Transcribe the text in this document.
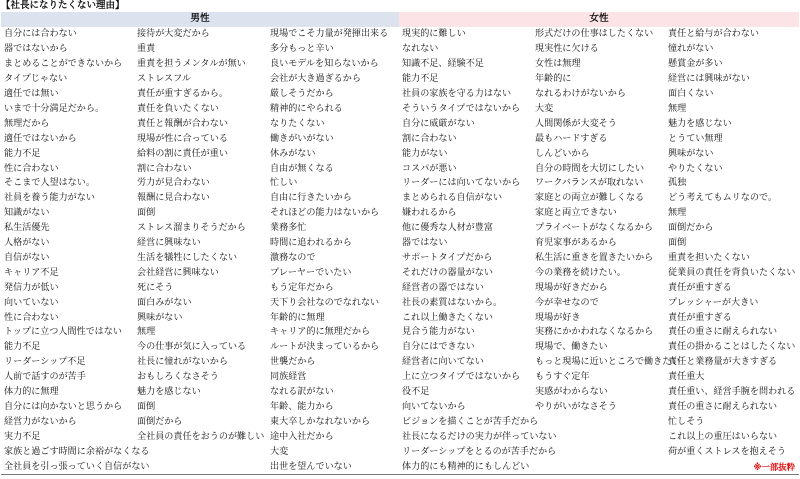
【社長になりたくない理由】
男性			女性		
自分には合わない	接待が大変だから	現場でこそ力量が発揮出来る	現実的に難しい	形式だけの仕事はしたくない	責任と給与が合わない
器ではないから	重責	多分もっと辛い	なれない	現実性に欠ける	憧れがない
まとめることができないから	重責を担うメンタルが無い	良いモデルを知らないから	知識不足、経験不足	女性は無理	懸賞金が多い
タイプじゃない	ストレスフル	会社が大き過ぎるから	能力不足	年齢的に	経営には興味がない
適任では無い	責任が重すぎるから。	厳しそうだから	社員の家族を守る力はない	なれるわけがないから	面白くない
いまで十分満足だから。	責任を負いたくない	精神的にやられる	そういうタイプではないから	大変	無理
無理だから	責任と報酬が合わない	なりたくない	自分に威厳がない	人間関係が大変そう	魅力を感じない
適任ではないから	現場が性に合っている	働きがいがない	割に合わない	最もハードすぎる	とうてい無理
能力不足	給料の割に責任が重い	休みがない	能力がない	しんどいから	興味がない
性に合わない	割に合わない	自由が無くなる	コスパが悪い	自分の時間を大切にしたい	やりたくない
そこまで人望はない。	労力が見合わない	忙しい	リーダーには向いてないから	ワークバランスが取れない	孤独
社員を養う能力がない	報酬に見合わない	自由に行きたいから	まとめられる自信がない	家庭との両立が難しくなる	どう考えてもムリなので。
知識がない	面倒	それほどの能力はないから	嫌われるから	家庭と両立できない	無理
私生活優先	ストレス溜まりそうだから	業務多忙	他に優秀な人材が豊富	プライベートがなくなるから	面倒だから
人格がない	経営に興味ない	時間に追われるから	器ではない	育児家事があるから	面倒
自信がない	生活を犠牲にしたくない	激務なので	サポートタイプだから	私生活に重きを置きたいから	重責を担いたくない
キャリア不足	会社経営に興味ない	プレーヤーでいたい	それだけの器量がない	今の業務を続けたい。	従業員の責任を背負いたくない
発信力が低い	死にそう	もう定年だから	経営者の器ではない	現場が好きだから	責任が重すぎる
向いていない	面白みがない	天下り会社なのでなれない	社長の素質はないから。	今が幸せなので	プレッシャーが大きい
性に合わない	興味がない	年齢的に無理	これ以上働きたくない	現場が好き	責任が重すぎる
トップに立つ人間性ではない	無理	キャリア的に無理だから	見合う能力がない	実務にかかわれなくなるから	責任の重さに耐えられない
能力不足	今の仕事が気に入っている	ルートが決まっているから	自分にはできない	現場で、働きたい	責任の掛かることはしたくない
リーダーシップ不足	社長に憧れがないから	世襲だから	経営者に向いてない	もっと現場に近いところで働きたい	責任と業務量が大きすぎる
人前で話すのが苦手	おもしろくなさそう	同族経営	上に立つタイプではないから	もうすぐ定年	責任重大
体力的に無理	魅力を感じない	なれる訳がない	役不足	実感がわからない	責任重い、経営手腕を問われる
自分には向かないと思うから	面倒	年齢、能力から	向いてないから	やりがいがなさそう	責任の重さに耐えられない
経営力がないから	面倒だから	東大卒しかなれないから	ビジョンを描くことが苦手だから		忙しそう
実力不足	全社員の責任をおうのが難しい	途中入社だから	社長になるだけの実力が伴っていない		これ以上の重圧はいらない
家族と過ごす時間に余裕がなくなる		大変	リーダーシップをとるのが苦手だから		荷が重くストレスを抱えそう
全社員を引っ張っていく自信がない		出世を望んでいない	体力的にも精神的にもしんどい		※一部抜粋
